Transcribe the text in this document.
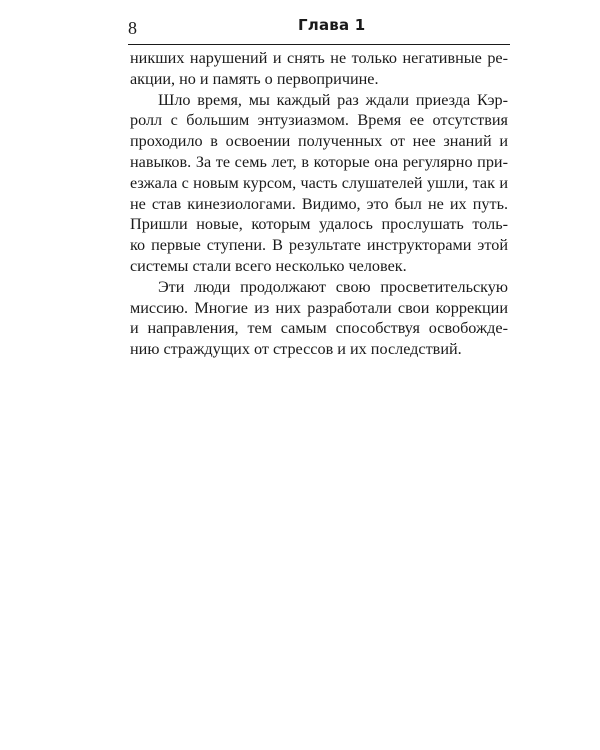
8	Глава 1
никших нарушений и снять не только негативные ре-
акции, но и память о первопричине.
Шло время, мы каждый раз ждали приезда Кэр-
ролл с большим энтузиазмом. Время ее отсутствия
проходило в освоении полученных от нее знаний и
навыков. За те семь лет, в которые она регулярно при-
езжала с новым курсом, часть слушателей ушли, так и
не став кинезиологами. Видимо, это был не их путь.
Пришли новые, которым удалось прослушать толь-
ко первые ступени. В результате инструкторами этой
системы стали всего несколько человек.
Эти люди продолжают свою просветительскую
миссию. Многие из них разработали свои коррекции
и направления, тем самым способствуя освобожде-
нию страждущих от стрессов и их последствий.
